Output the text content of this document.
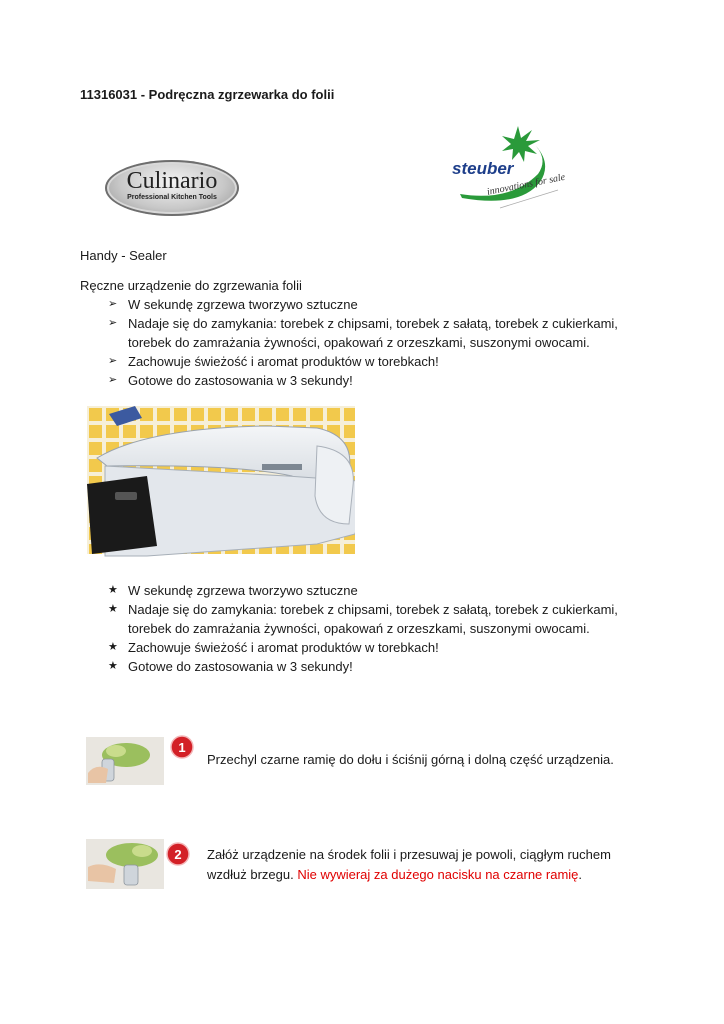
11316031 - Podręczna zgrzewarka do folii
Culinario
Professional Kitchen Tools
steuber
innovations for sale
Handy - Sealer
Ręczne urządzenie do zgrzewania folii
➢ W sekundę zgrzewa tworzywo sztuczne
➢ Nadaje się do zamykania: torebek z chipsami, torebek z sałatą, torebek z cukierkami, torebek do zamrażania żywności, opakowań z orzeszkami, suszonymi owocami.
➢ Zachowuje świeżość i aromat produktów w torebkach!
➢ Gotowe do zastosowania w 3 sekundy!
★ W sekundę zgrzewa tworzywo sztuczne
★ Nadaje się do zamykania: torebek z chipsami, torebek z sałatą, torebek z cukierkami, torebek do zamrażania żywności, opakowań z orzeszkami, suszonymi owocami.
★ Zachowuje świeżość i aromat produktów w torebkach!
★ Gotowe do zastosowania w 3 sekundy!
1
Przechyl czarne ramię do dołu i ściśnij górną i dolną część urządzenia.
2 Załóż urządzenie na środek folii i przesuwaj je powoli, ciągłym ruchem wzdłuż brzegu. Nie wywieraj za dużego nacisku na czarne ramię.
